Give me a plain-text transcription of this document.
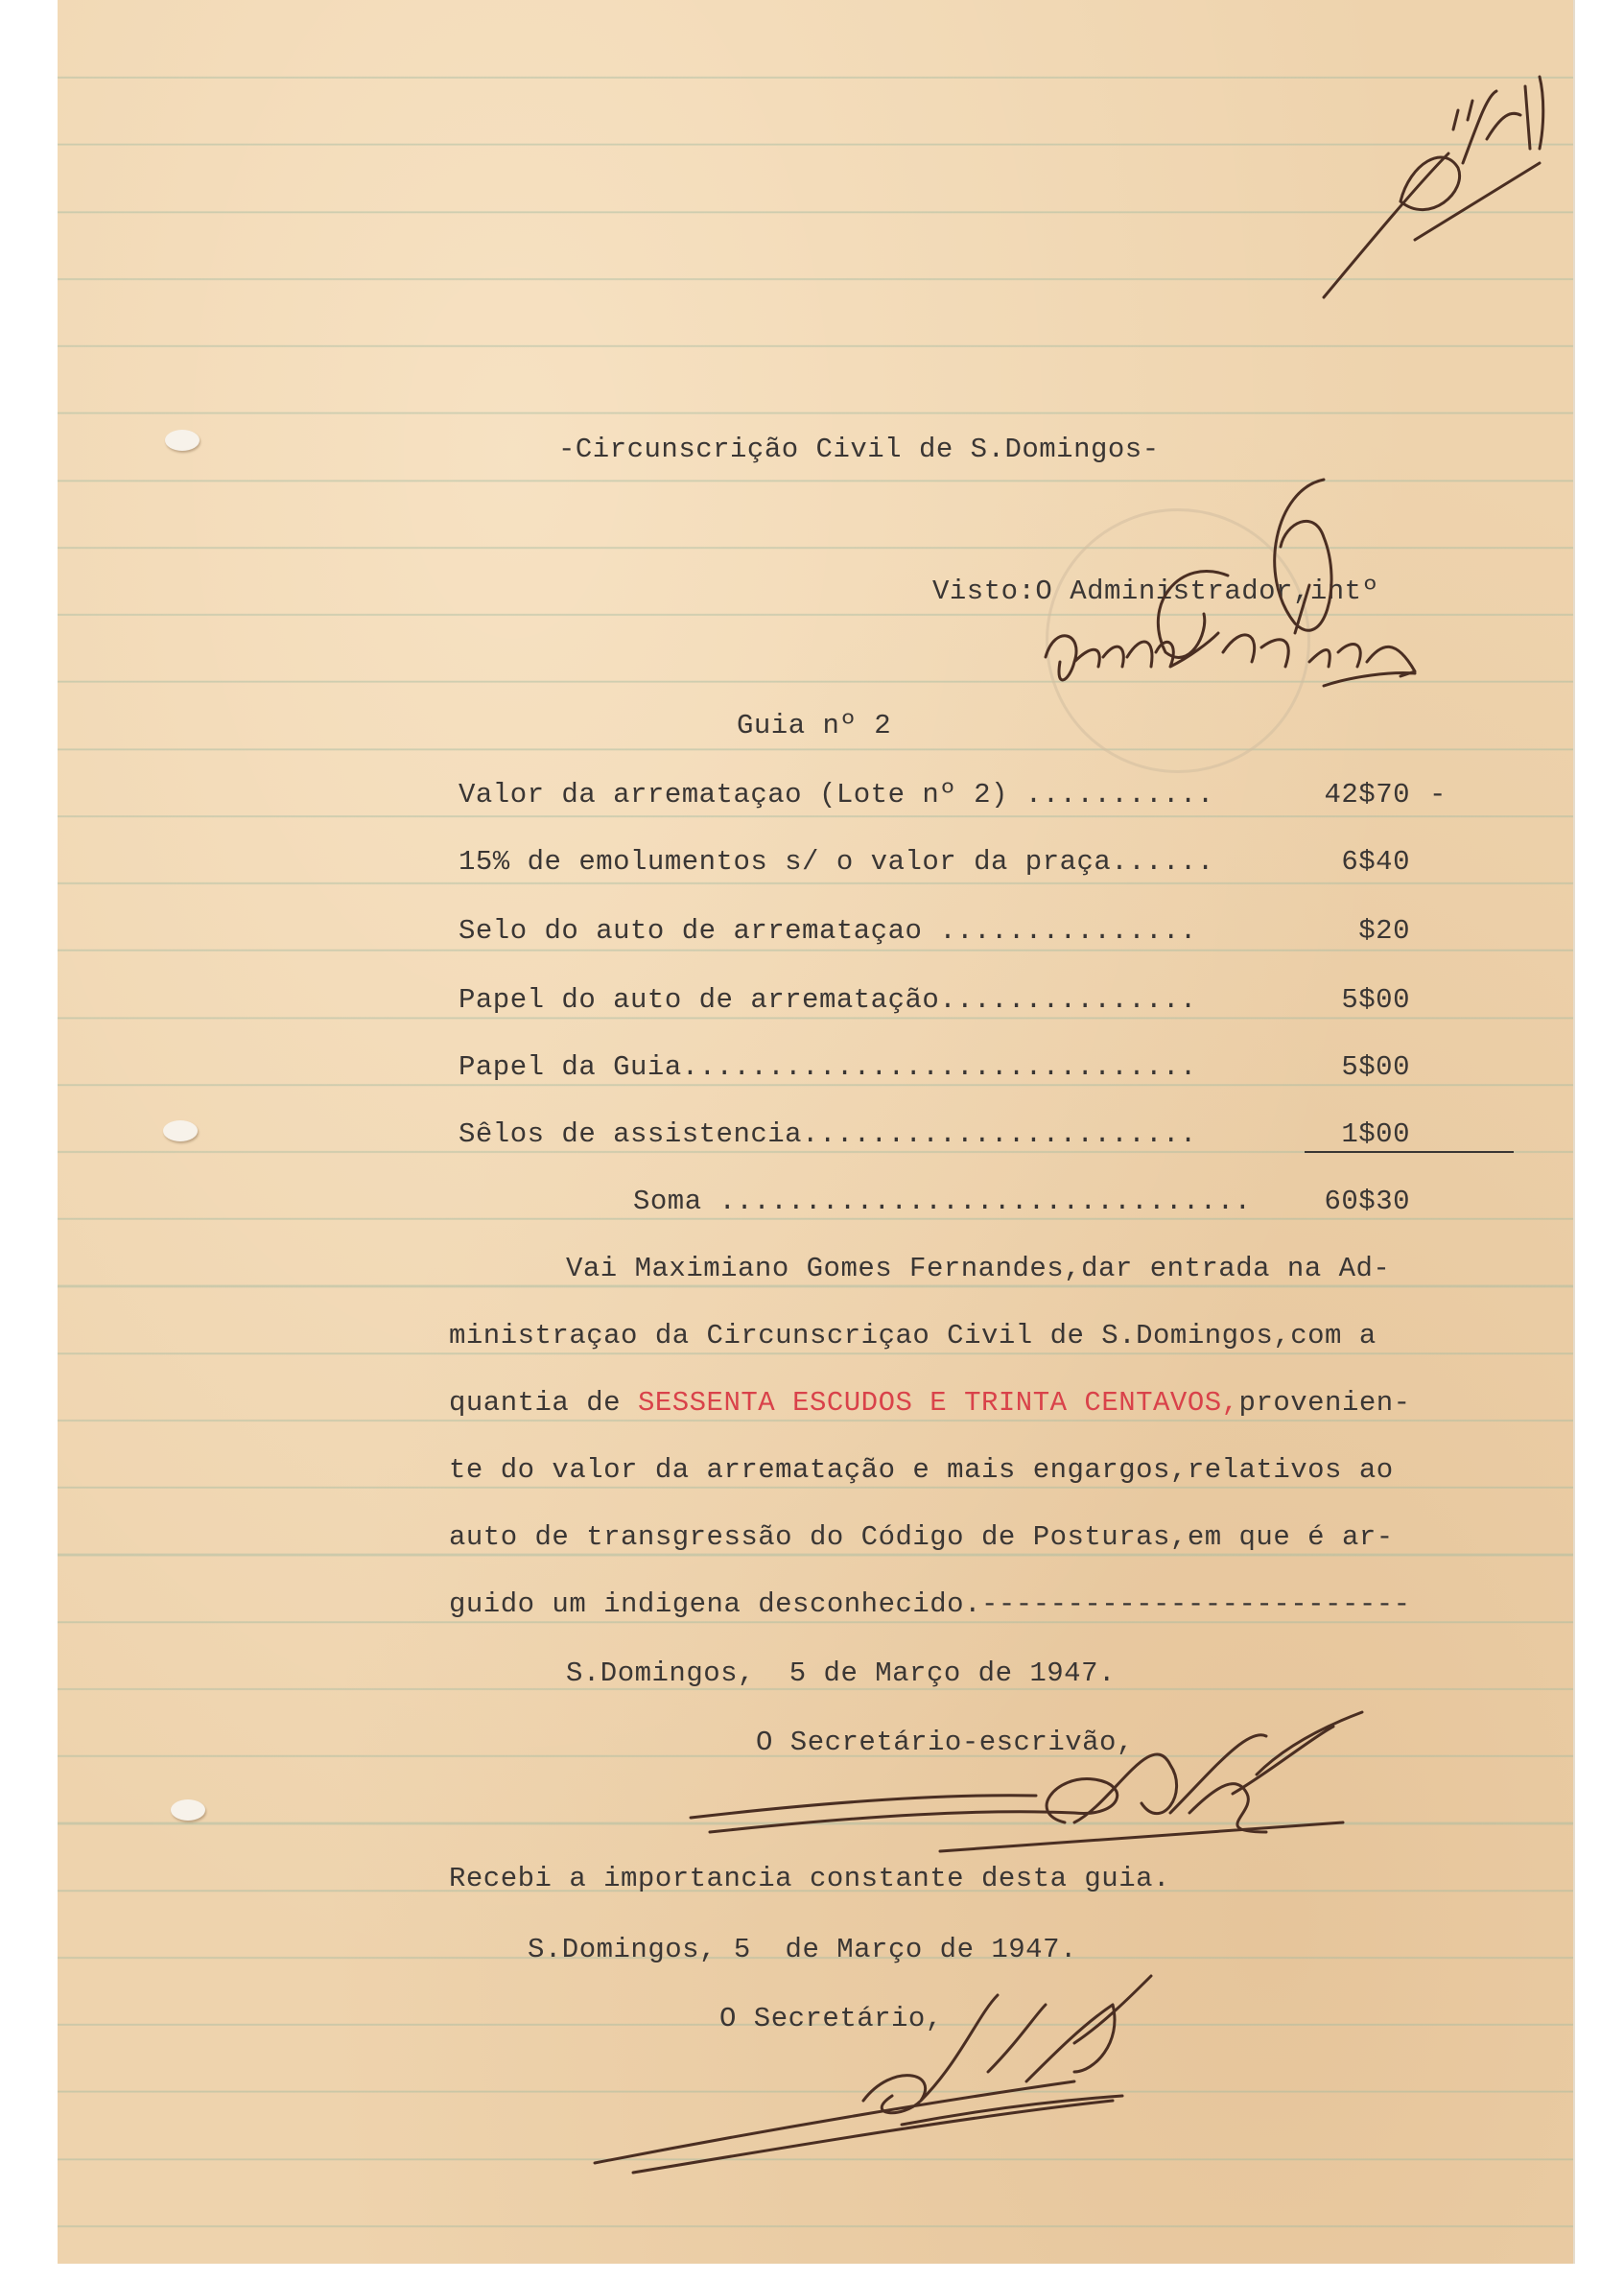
-Circunscrição Civil de S.Domingos-
Visto:O Administrador,intº
Guia nº 2
Valor da arremataçao (Lote nº 2) ...........	42$70 -
15% de emolumentos s/ o valor da praça......	6$40
Selo do auto de arremataçao ...............	$20
Papel do auto de arrematação...............	5$00
Papel da Guia..............................	5$00
Sêlos de assistencia.......................	1$00
Soma ...............................	60$30
Vai Maximiano Gomes Fernandes,dar entrada na Ad-
ministraçao da Circunscriçao Civil de S.Domingos,com a
quantia de SESSENTA ESCUDOS E TRINTA CENTAVOS,provenien-
te do valor da arrematação e mais engargos,relativos ao
auto de transgressão do Código de Posturas,em que é ar-
guido um indigena desconhecido.-------------------------
S.Domingos,  5 de Março de 1947.
O Secretário-escrivão,
Recebi a importancia constante desta guia.
S.Domingos, 5  de Março de 1947.
O Secretário,
